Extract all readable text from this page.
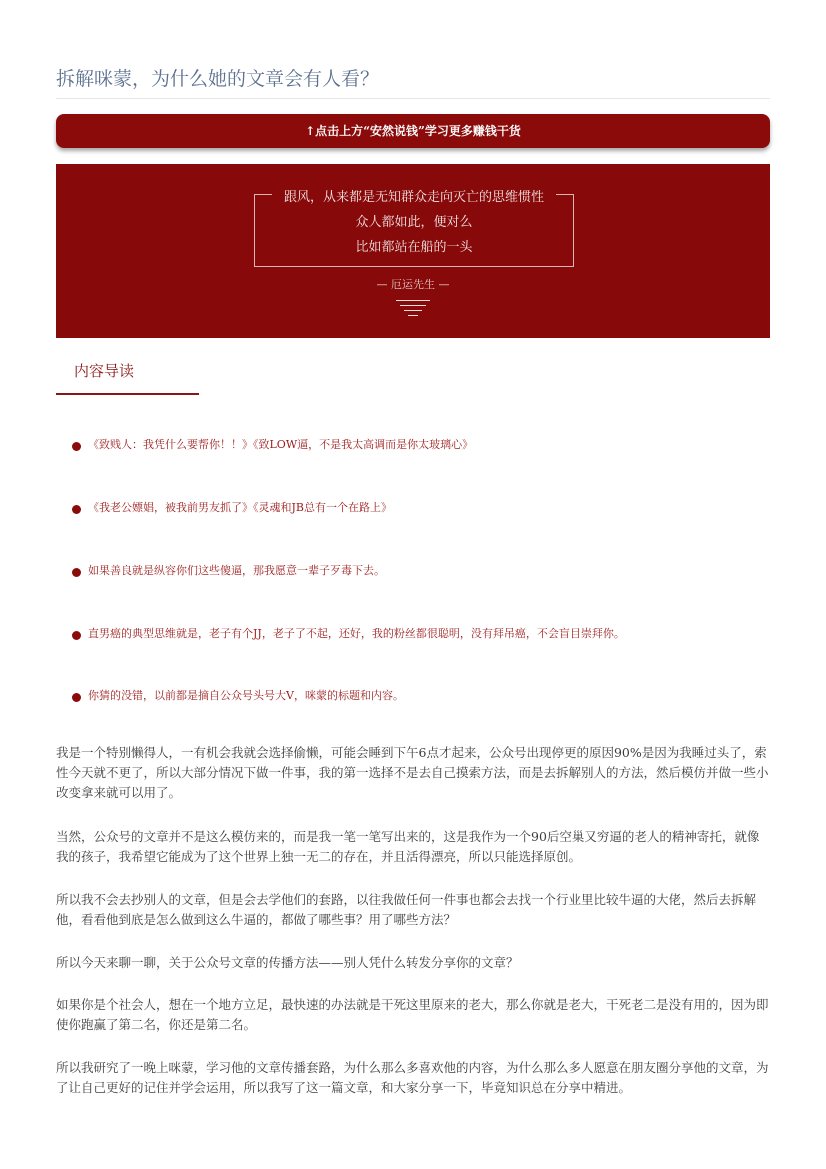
拆解咪蒙，为什么她的文章会有人看？
↑点击上方“安然说钱”学习更多赚钱干货
跟风，从来都是无知群众走向灭亡的思维惯性
众人都如此，便对么
比如都站在船的一头
— 厄运先生 —
内容导读
《致贱人：我凭什么要帮你！！》《致LOW逼，不是我太高调而是你太玻璃心》
《我老公嫖娼，被我前男友抓了》《灵魂和JB总有一个在路上》
如果善良就是纵容你们这些傻逼，那我愿意一辈子歹毒下去。
直男癌的典型思维就是，老子有个JJ，老子了不起，还好，我的粉丝都很聪明，没有拜吊癌，不会盲目崇拜你。
你猜的没错，以前都是摘自公众号头号大V，咪蒙的标题和内容。
我是一个特别懒得人，一有机会我就会选择偷懒，可能会睡到下午6点才起来，公众号出现停更的原因90%是因为我睡过头了，索性今天就不更了，所以大部分情况下做一件事，我的第一选择不是去自己摸索方法，而是去拆解别人的方法，然后模仿并做一些小改变拿来就可以用了。
当然，公众号的文章并不是这么模仿来的，而是我一笔一笔写出来的，这是我作为一个90后空巢又穷逼的老人的精神寄托，就像我的孩子，我希望它能成为了这个世界上独一无二的存在，并且活得漂亮，所以只能选择原创。
所以我不会去抄别人的文章，但是会去学他们的套路，以往我做任何一件事也都会去找一个行业里比较牛逼的大佬，然后去拆解他，看看他到底是怎么做到这么牛逼的，都做了哪些事？用了哪些方法？
所以今天来聊一聊，关于公众号文章的传播方法——别人凭什么转发分享你的文章？
如果你是个社会人，想在一个地方立足，最快速的办法就是干死这里原来的老大，那么你就是老大，干死老二是没有用的，因为即使你跑赢了第二名，你还是第二名。
所以我研究了一晚上咪蒙，学习他的文章传播套路，为什么那么多喜欢他的内容，为什么那么多人愿意在朋友圈分享他的文章，为了让自己更好的记住并学会运用，所以我写了这一篇文章，和大家分享一下，毕竟知识总在分享中精进。
